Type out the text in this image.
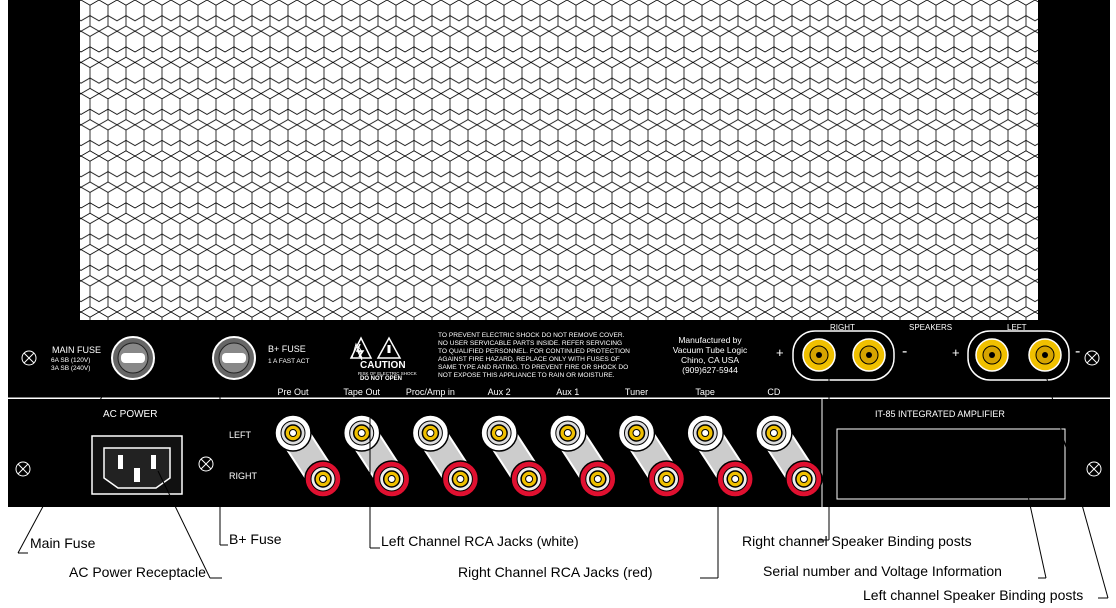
MAIN FUSE
6A SB (120V)
3A SB (240V)
B+ FUSE
1 A FAST ACT	CAUTION
RISK OF ELECTRIC SHOCK
DO NOT OPEN
TO PREVENT ELECTRIC SHOCK DO NOT REMOVE COVER.
NO USER SERVICABLE PARTS INSIDE. REFER SERVICING
TO QUALIFIED PERSONNEL. FOR CONTINUED PROTECTION
AGAINST FIRE HAZARD, REPLACE ONLY WITH FUSES OF
SAME TYPE AND RATING. TO PREVENT FIRE OR SHOCK DO
NOT EXPOSE THIS APPLIANCE TO RAIN OR MOISTURE.
Manufactured by
Vacuum Tube Logic
Chino, CA USA
(909)627-5944
RIGHT	SPEAKERS	LEFT
+	-	+	-
AC POWER
LEFT
RIGHT
Pre Out	Tape Out	Proc/Amp in	Aux 2	Aux 1	Tuner	Tape	CD
IT-85 INTEGRATED AMPLIFIER
Main Fuse
AC Power Receptacle
B+ Fuse	Left Channel RCA Jacks (white)
Right Channel RCA Jacks (red)
Right channel Speaker Binding posts
Serial number and Voltage Information
Left channel Speaker Binding posts
